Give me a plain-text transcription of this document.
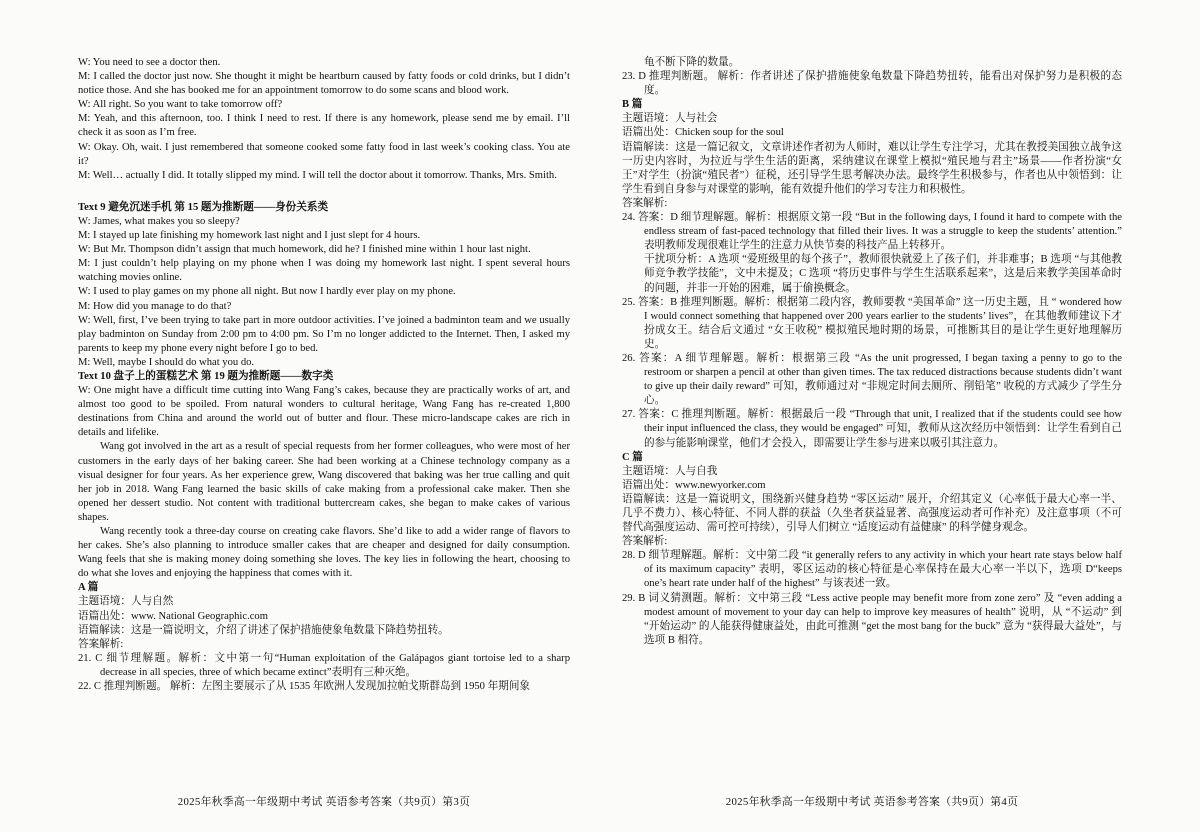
W: You need to see a doctor then.

M: I called the doctor just now. She thought it might be heartburn caused by fatty foods or cold drinks, but I didn’t notice those. And she has booked me for an appointment tomorrow to do some scans and blood work.

W: All right. So you want to take tomorrow off?

M: Yeah, and this afternoon, too. I think I need to rest. If there is any homework, please send me by email. I’ll check it as soon as I’m free.

W: Okay. Oh, wait. I just remembered that someone cooked some fatty food in last week’s cooking class. You ate it?

M: Well… actually I did. It totally slipped my mind. I will tell the doctor about it tomorrow. Thanks, Mrs. Smith.

Text 9 避免沉迷手机 第 15 题为推断题——身份关系类

W: James, what makes you so sleepy?

M: I stayed up late finishing my homework last night and I just slept for 4 hours.

W: But Mr. Thompson didn’t assign that much homework, did he? I finished mine within 1 hour last night.

M: I just couldn’t help playing on my phone when I was doing my homework last night. I spent several hours watching movies online.

W: I used to play games on my phone all night. But now I hardly ever play on my phone.

M: How did you manage to do that?

W: Well, first, I’ve been trying to take part in more outdoor activities. I’ve joined a badminton team and we usually play badminton on Sunday from 2:00 pm to 4:00 pm. So I’m no longer addicted to the Internet. Then, I asked my parents to keep my phone every night before I go to bed.

M: Well, maybe I should do what you do.

Text 10 盘子上的蛋糕艺术 第 19 题为推断题——数字类

W: One might have a difficult time cutting into Wang Fang’s cakes, because they are practically works of art, and almost too good to be spoiled. From natural wonders to cultural heritage, Wang Fang has re-created 1,800 destinations from China and around the world out of butter and flour. These micro-landscape cakes are rich in details and lifelike.

Wang got involved in the art as a result of special requests from her former colleagues, who were most of her customers in the early days of her baking career. She had been working at a Chinese technology company as a visual designer for four years. As her experience grew, Wang discovered that baking was her true calling and quit her job in 2018. Wang Fang learned the basic skills of cake making from a professional cake maker. Then she opened her dessert studio. Not content with traditional buttercream cakes, she began to make cakes of various shapes.

Wang recently took a three-day course on creating cake flavors. She’d like to add a wider range of flavors to her cakes. She’s also planning to introduce smaller cakes that are cheaper and designed for daily consumption. Wang feels that she is making money doing something she loves. The key lies in following the heart, choosing to do what she loves and enjoying the happiness that comes with it.

A 篇

主题语境：人与自然

语篇出处：www. National Geographic.com

语篇解读：这是一篇说明文，介绍了讲述了保护措施使象龟数量下降趋势扭转。

答案解析:

21. C 细节理解题。解析：文中第一句“Human exploitation of the Galápagos giant tortoise led to a sharp decrease in all species, three of which became extinct”表明有三种灭绝。

22. C 推理判断题。 解析：左图主要展示了从 1535 年欧洲人发现加拉帕戈斯群岛到 1950 年期间象

2025年秋季高一年级期中考试 英语参考答案（共9页）第3页

龟不断下降的数量。

23. D 推理判断题。 解析：作者讲述了保护措施使象龟数量下降趋势扭转，能看出对保护努力是积极的态度。

B 篇

主题语境：人与社会

语篇出处：Chicken soup for the soul

语篇解读：这是一篇记叙文，文章讲述作者初为人师时，难以让学生专注学习，尤其在教授美国独立战争这一历史内容时，为拉近与学生生活的距离，采纳建议在课堂上模拟“殖民地与君主”场景——作者扮演“女王”对学生（扮演“殖民者”）征税，还引导学生思考解决办法。最终学生积极参与，作者也从中领悟到：让学生看到自身参与对课堂的影响，能有效提升他们的学习专注力和积极性。

答案解析:

24. 答案：D 细节理解题。解析：根据原文第一段 “But in the following days, I found it hard to compete with the endless stream of fast-paced technology that filled their lives. It was a struggle to keep the students’ attention.” 表明教师发现很难让学生的注意力从快节奏的科技产品上转移开。

干扰项分析：A 选项 “爱班级里的每个孩子”，教师很快就爱上了孩子们，并非难事；B 选项 “与其他教师竞争教学技能”，文中未提及；C 选项 “将历史事件与学生生活联系起来”，这是后来教学美国革命时的问题，并非一开始的困难，属于偷换概念。

25. 答案：B 推理判断题。解析：根据第二段内容，教师要教 “美国革命” 这一历史主题，且 “ wondered how I would connect something that happened over 200 years earlier to the students’ lives”，在其他教师建议下才扮成女王。结合后文通过 “女王收税” 模拟殖民地时期的场景，可推断其目的是让学生更好地理解历史。

26. 答案：A 细节理解题。解析：根据第三段 “As the unit progressed, I began taxing a penny to go to the restroom or sharpen a pencil at other than given times. The tax reduced distractions because students didn’t want to give up their daily reward” 可知，教师通过对 “非规定时间去厕所、削铅笔” 收税的方式减少了学生分心。

27. 答案：C 推理判断题。解析：根据最后一段 “Through that unit, I realized that if the students could see how their input influenced the class, they would be engaged” 可知，教师从这次经历中领悟到：让学生看到自己的参与能影响课堂，他们才会投入，即需要让学生参与进来以吸引其注意力。

C 篇

主题语境：人与自我

语篇出处：www.newyorker.com

语篇解读：这是一篇说明文，围绕新兴健身趋势 “零区运动” 展开，介绍其定义（心率低于最大心率一半、几乎不费力）、核心特征、不同人群的获益（久坐者获益显著、高强度运动者可作补充）及注意事项（不可替代高强度运动、需可控可持续），引导人们树立 “适度运动有益健康” 的科学健身观念。

答案解析:

28. D 细节理解题。解析：文中第二段 “it generally refers to any activity in which your heart rate stays below half of its maximum capacity” 表明，零区运动的核心特征是心率保持在最大心率一半以下，选项 D“keeps one’s heart rate under half of the highest” 与该表述一致。

29. B 词义猜测题。解析：文中第三段 “Less active people may benefit more from zone zero” 及 “even adding a modest amount of movement to your day can help to improve key measures of health” 说明，从 “不运动” 到 “开始运动” 的人能获得健康益处，由此可推测 “get the most bang for the buck” 意为 “获得最大益处”，与选项 B 相符。

2025年秋季高一年级期中考试 英语参考答案（共9页）第4页
